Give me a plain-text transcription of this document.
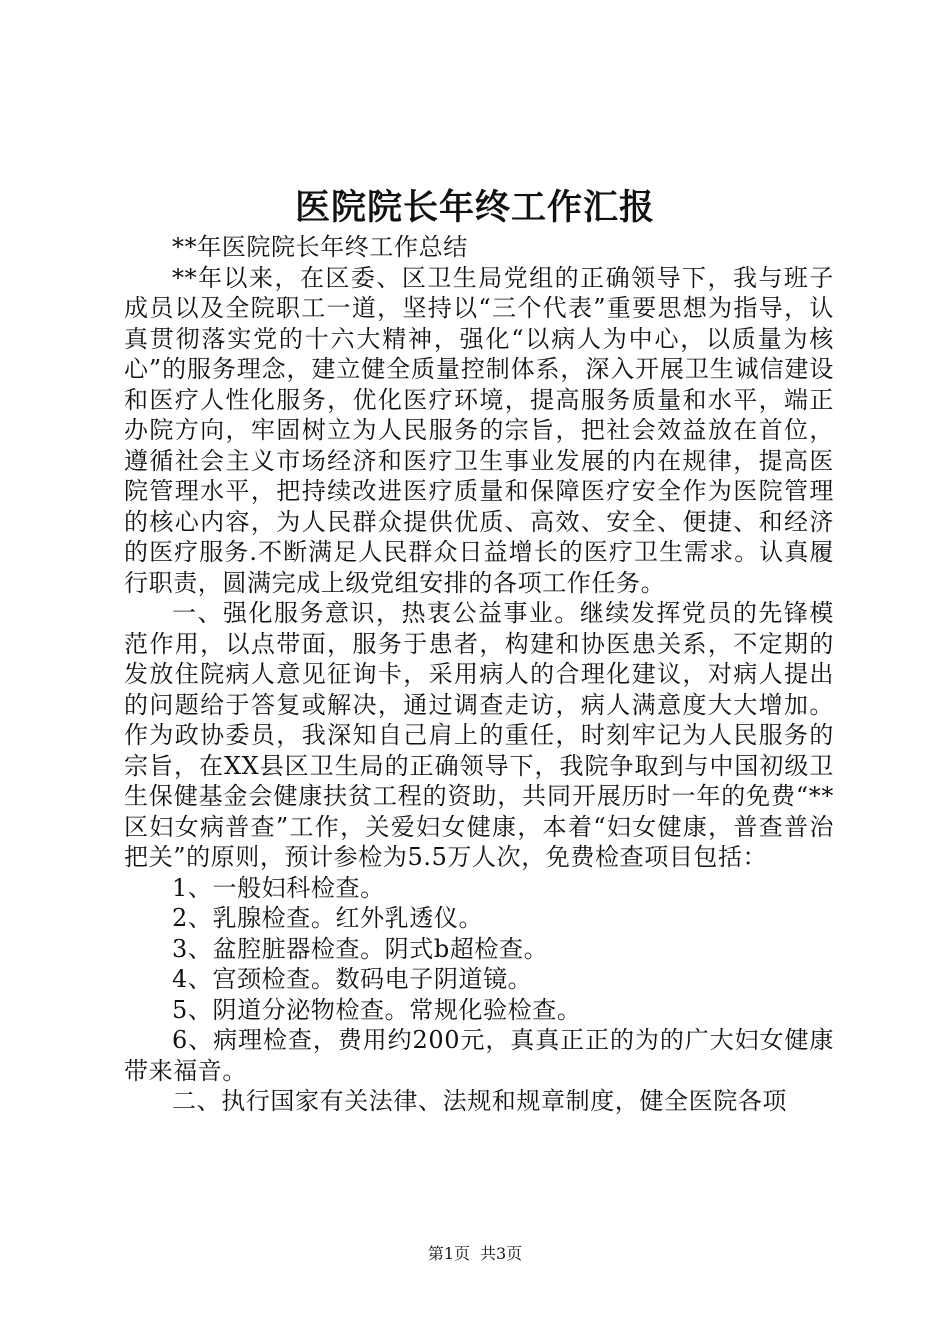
医院院长年终工作汇报

**年医院院长年终工作总结

**年以来，在区委、区卫生局党组的正确领导下，我与班子成员以及全院职工一道，坚持以“三个代表”重要思想为指导，认真贯彻落实党的十六大精神，强化“以病人为中心，以质量为核心”的服务理念，建立健全质量控制体系，深入开展卫生诚信建设和医疗人性化服务，优化医疗环境，提高服务质量和水平，端正办院方向，牢固树立为人民服务的宗旨，把社会效益放在首位，遵循社会主义市场经济和医疗卫生事业发展的内在规律，提高医院管理水平，把持续改进医疗质量和保障医疗安全作为医院管理的核心内容，为人民群众提供优质、高效、安全、便捷、和经济的医疗服务.不断满足人民群众日益增长的医疗卫生需求。认真履行职责，圆满完成上级党组安排的各项工作任务。

一、强化服务意识，热衷公益事业。继续发挥党员的先锋模范作用，以点带面，服务于患者，构建和协医患关系，不定期的发放住院病人意见征询卡，采用病人的合理化建议，对病人提出的问题给于答复或解决，通过调查走访，病人满意度大大增加。作为政协委员，我深知自己肩上的重任，时刻牢记为人民服务的宗旨，在XX县区卫生局的正确领导下，我院争取到与中国初级卫生保健基金会健康扶贫工程的资助，共同开展历时一年的免费“**区妇女病普查”工作，关爱妇女健康，本着“妇女健康，普查普治把关”的原则，预计参检为5.5万人次，免费检查项目包括：

1、一般妇科检查。

2、乳腺检查。红外乳透仪。

3、盆腔脏器检查。阴式b超检查。

4、宫颈检查。数码电子阴道镜。

5、阴道分泌物检查。常规化验检查。

6、病理检查，费用约200元，真真正正的为的广大妇女健康带来福音。

二、执行国家有关法律、法规和规章制度，健全医院各项

第1页 共3页
